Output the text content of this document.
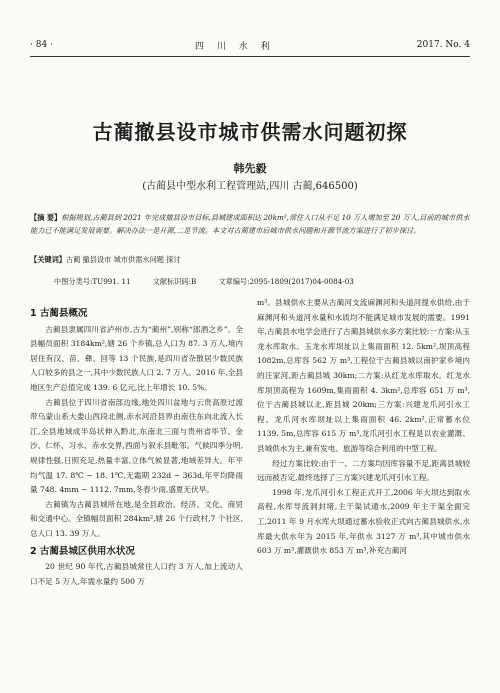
· 84 ·	四 川 水 利	2017. No. 4
古蔺撤县设市城市供需水问题初探
韩先毅
(古蔺县中型水利工程管理站,四川 古蔺,646500)
【摘 要】根据规划,古蔺县到 2021 年完成撤县设市目标,县城建成面积达 20km²,常住人口从不足 10 万人增加至 20 万人,目前的城市供水能力已不能满足发展需要。解决办法一是开源,二是节流。本文对古蔺建市后城市供水问题和开源节流方案进行了初步探讨。
【关键词】古蔺 撤县设市 城市供需水问题 探讨
中图分类号:TU991. 11	文献标识码:B	文章编号:2095-1809(2017)04-0084-03
1 古蔺县概况

古蔺县隶属四川省泸州市,古为“蔺州”,别称“郎酒之乡”。全县幅员面积 3184km²,辖 26 个乡镇,总人口为 87. 3 万人,境内居住有汉、苗、彝、回等 13 个民族,是四川省杂散居少数民族人口较多的县之一,其中少数民族人口 2. 7 万人。2016 年,全县地区生产总值完成 139. 6 亿元,比上年增长 10. 5%。

古蔺县位于四川省南部边缘,地处四川盆地与云贵高原过渡带乌蒙山系大娄山西段北侧,赤水河沿县界由南往东向北流入长江,全县地域成半岛状伸入黔北,东南北三面与贵州省毕节、金沙、仁怀、习水、赤水交界,西面与叙永县毗邻。气候四季分明,规律性强,日照充足,热量丰富,立体气候显著,地域差异大。年平均气温 17. 8℃ ~ 18. 1℃,无霜期 232d ~ 363d,年平均降雨量 748. 4mm ~ 1112. 7mm,冬春少雨,盛夏无伏旱。

古蔺镇为古蔺县城所在地,是全县政治、经济、文化、商贸和交通中心。全镇幅员面积 284km²,辖 26 个行政村,7 个社区,总人口 13. 39 万人。

2 古蔺县城区供用水状况

20 世纪 90 年代,古蔺县城常住人口约 3 万人,加上流动人口不足 5 万人,年需水量约 500 万

m³。县城供水主要从古蔺河支流麻渊河和头道河提水供给,由于麻渊河和头道河水量和水质均不能满足城市发展的需要。1991 年,古蔺县水电学会进行了古蔺县城供水多方案比较:一方案:从玉龙水库取水。玉龙水库坝址以上集雨面积 12. 5km²,坝顶高程 1082m,总库容 562 万 m³,工程位于古蔺县城以南护家乡境内的汪家河,距古蔺县城 30km;二方案:从红龙水库取水。红龙水库坝顶高程为 1609m,集雨面积 4. 3km²,总库容 651 万 m³,位于古蔺县城以北,距县城 20km;三方案:兴建龙爪河引水工程。龙爪河水库坝址以上集雨面积 46. 2km²,正常蓄水位 1139. 5m,总库容 615 万 m³,龙爪河引水工程是以农业灌溉、县城供水为主,兼有发电、旅游等综合利用的中型工程。

经过方案比较:由于一、二方案均因库容量不足,距离县城较远而被否定,最终选择了三方案兴建龙爪河引水工程。

1998 年,龙爪河引水工程正式开工,2006 年大坝达到取水高程,水库导流洞封堵,主干渠试通水,2009 年主干渠全面完工,2011 年 9 月水库大坝通过蓄水验收正式向古蔺县城供水,水库最大供水年为 2015 年,年供水 3127 万 m³,其中城市供水 603 万 m³,灌溉供水 853 万 m³,补充古蔺河
